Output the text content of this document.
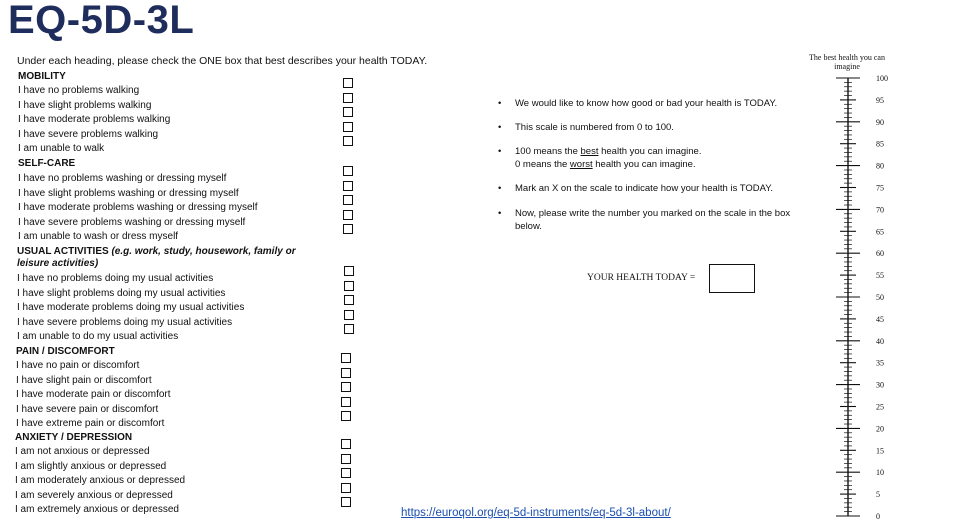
EQ-5D-3L
Under each heading, please check the ONE box that best describes your health TODAY.
MOBILITY
I have no problems walking
I have slight problems walking
I have moderate problems walking
I have severe problems walking
I am unable to walk
SELF-CARE
I have no problems washing or dressing myself
I have slight problems washing or dressing myself
I have moderate problems washing or dressing myself
I have severe problems washing or dressing myself
I am unable to wash or dress myself
USUAL ACTIVITIES (e.g. work, study, housework, family or
leisure activities)
I have no problems doing my usual activities
I have slight problems doing my usual activities
I have moderate problems doing my usual activities
I have severe problems doing my usual activities
I am unable to do my usual activities
PAIN / DISCOMFORT
I have no pain or discomfort
I have slight pain or discomfort
I have moderate pain or discomfort
I have severe pain or discomfort
I have extreme pain or discomfort
ANXIETY / DEPRESSION
I am not anxious or depressed
I am slightly anxious or depressed
I am moderately anxious or depressed
I am severely anxious or depressed
I am extremely anxious or depressed
• We would like to know how good or bad your health is TODAY.
• This scale is numbered from 0 to 100.
• 100 means the best health you can imagine.
0 means the worst health you can imagine.
• Mark an X on the scale to indicate how your health is TODAY.
• Now, please write the number you marked on the scale in the box below.
YOUR HEALTH TODAY =
The best health you can imagine
100
95
90
85
80
75
70
65
60
55
50
45
40
35
30
25
20
15
10
5
0
https://euroqol.org/eq-5d-instruments/eq-5d-3l-about/
